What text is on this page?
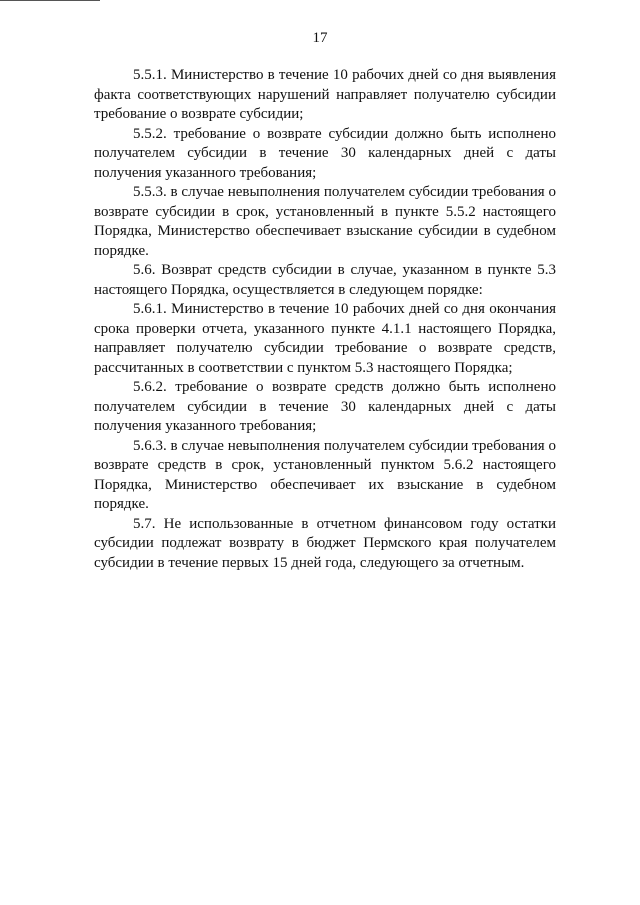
17

5.5.1. Министерство в течение 10 рабочих дней со дня выявления факта соответствующих нарушений направляет получателю субсидии требование о возврате субсидии;

5.5.2. требование о возврате субсидии должно быть исполнено получателем субсидии в течение 30 календарных дней с даты получения указанного требования;

5.5.3. в случае невыполнения получателем субсидии требования о возврате субсидии в срок, установленный в пункте 5.5.2 настоящего Порядка, Министерство обеспечивает взыскание субсидии в судебном порядке.

5.6. Возврат средств субсидии в случае, указанном в пункте 5.3 настоящего Порядка, осуществляется в следующем порядке:

5.6.1. Министерство в течение 10 рабочих дней со дня окончания срока проверки отчета, указанного пункте 4.1.1 настоящего Порядка, направляет получателю субсидии требование о возврате средств, рассчитанных в соответствии с пунктом 5.3 настоящего Порядка;

5.6.2. требование о возврате средств должно быть исполнено получателем субсидии в течение 30 календарных дней с даты получения указанного требования;

5.6.3. в случае невыполнения получателем субсидии требования о возврате средств в срок, установленный пунктом 5.6.2 настоящего Порядка, Министерство обеспечивает их взыскание в судебном порядке.

5.7. Не использованные в отчетном финансовом году остатки субсидии подлежат возврату в бюджет Пермского края получателем субсидии в течение первых 15 дней года, следующего за отчетным.
